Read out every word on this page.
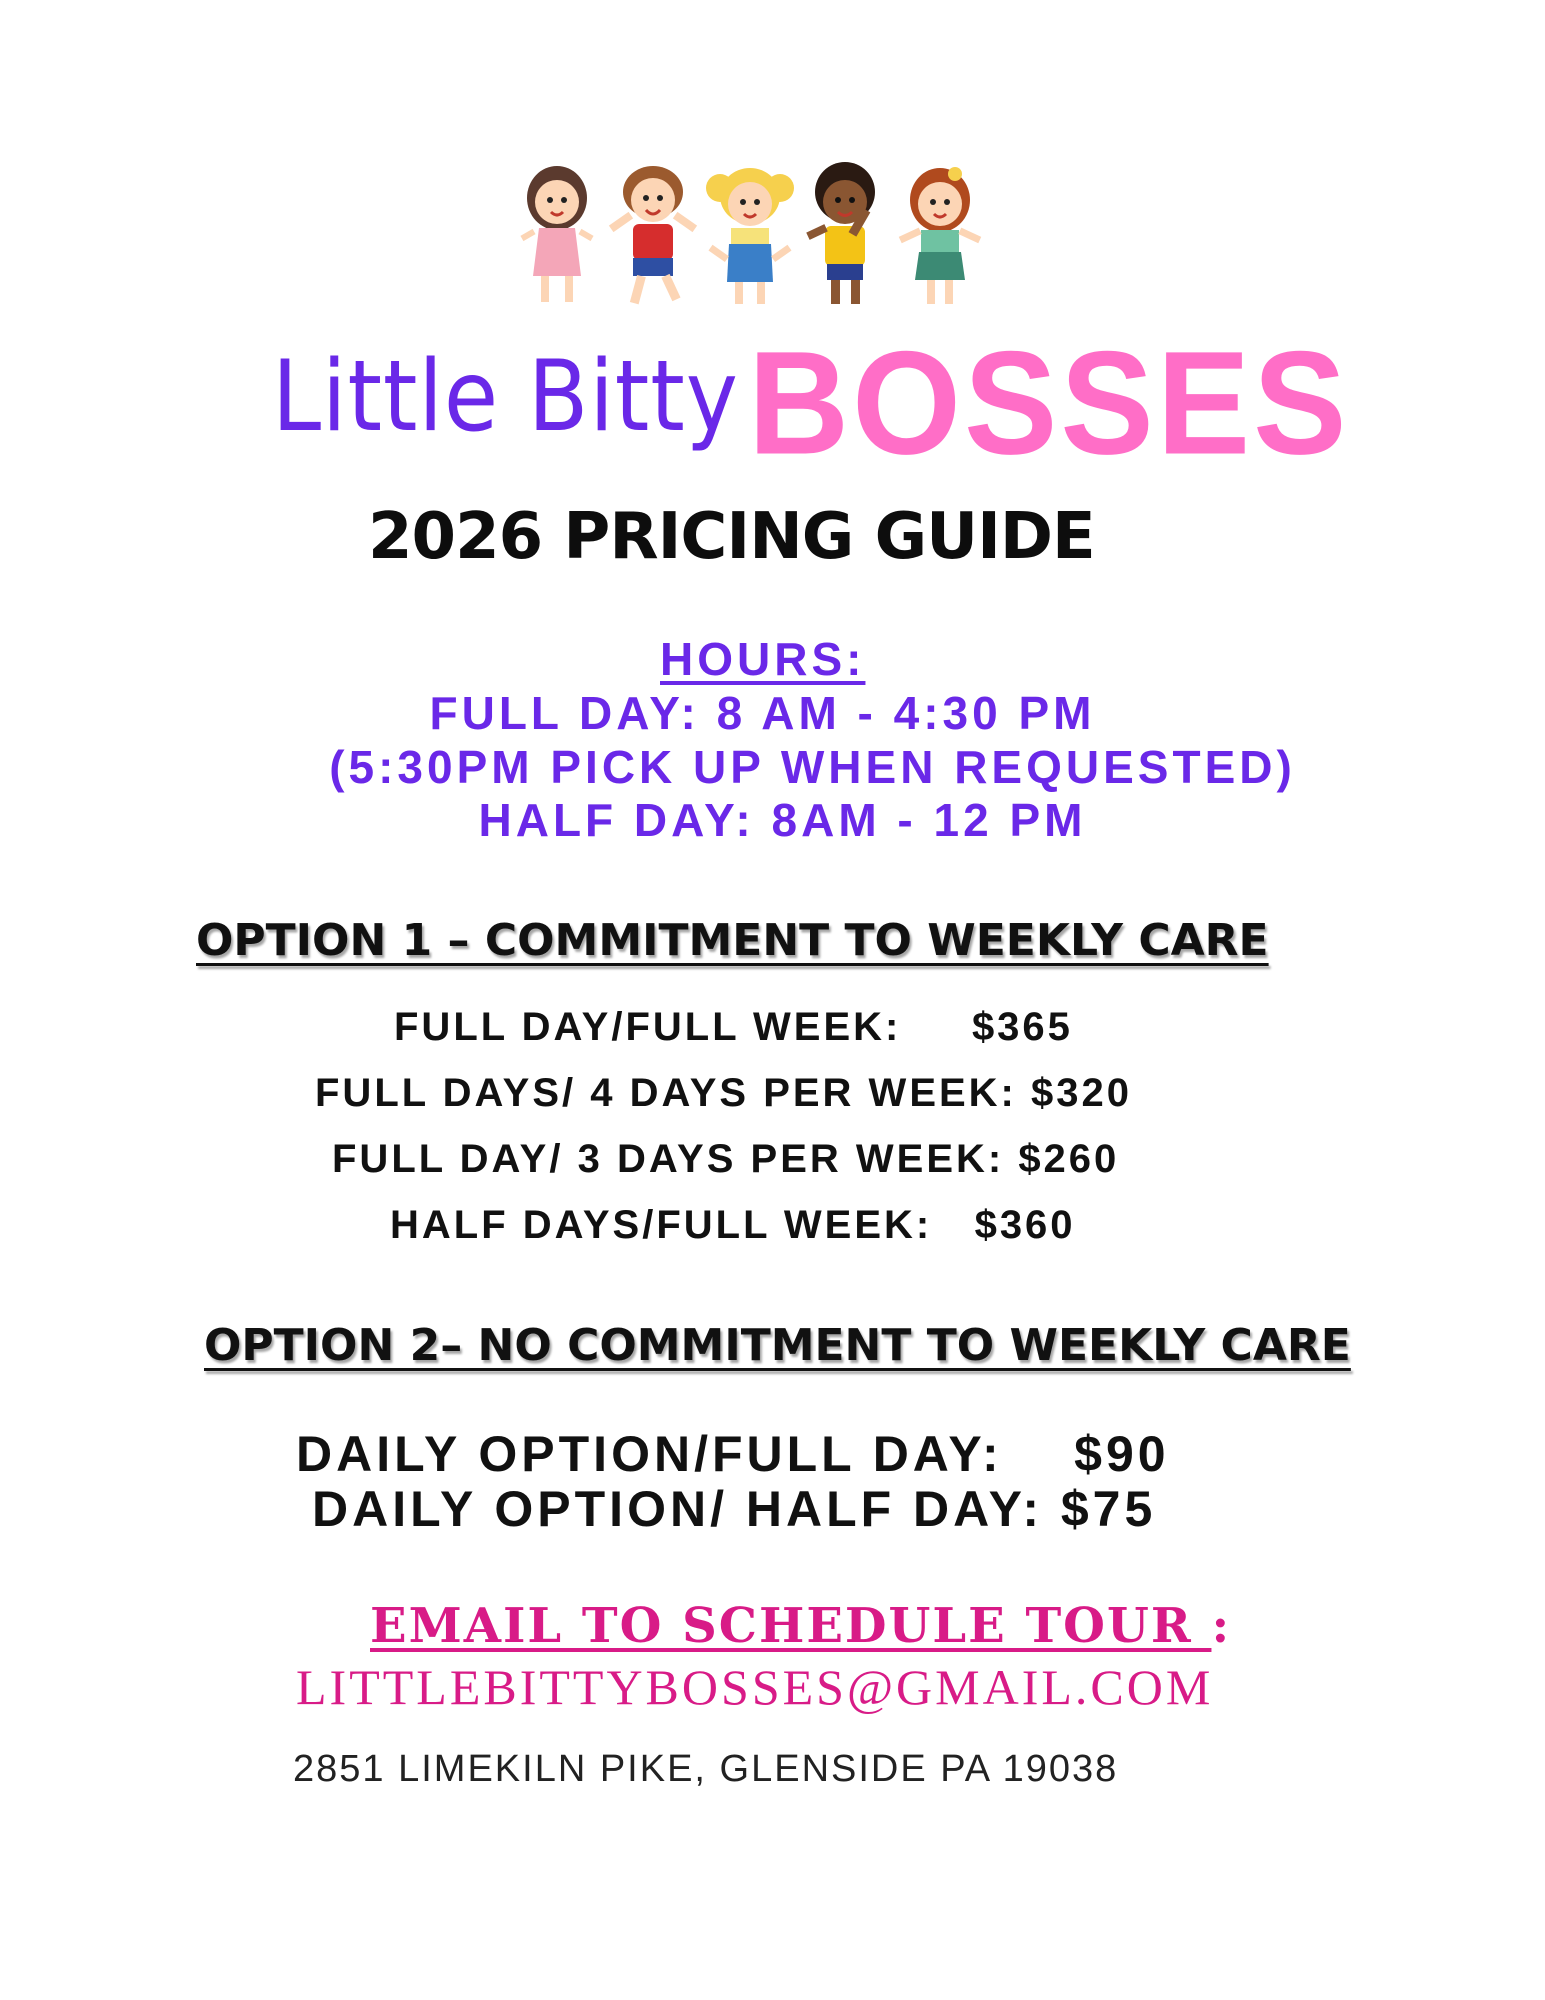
Little Bitty BOSSES
2026 PRICING GUIDE
HOURS:
FULL DAY: 8 AM - 4:30 PM
(5:30PM PICK UP WHEN REQUESTED)
HALF DAY: 8AM - 12 PM
OPTION 1 – COMMITMENT TO WEEKLY CARE
FULL DAY/FULL WEEK:     $365
FULL DAYS/ 4 DAYS PER WEEK: $320
FULL DAY/ 3 DAYS PER WEEK: $260
HALF DAYS/FULL WEEK:   $360
OPTION 2– NO COMMITMENT TO WEEKLY CARE
DAILY OPTION/FULL DAY:    $90
DAILY OPTION/ HALF DAY: $75
EMAIL TO SCHEDULE TOUR :
LITTLEBITTYBOSSES@GMAIL.COM
2851 LIMEKILN PIKE, GLENSIDE PA 19038
